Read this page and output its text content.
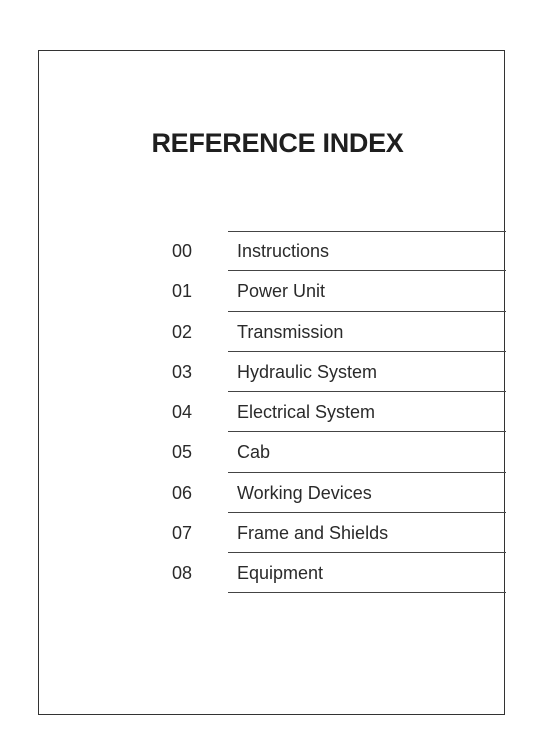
REFERENCE INDEX
00 Instructions
01 Power Unit
02 Transmission
03 Hydraulic System
04 Electrical System
05 Cab
06 Working Devices
07 Frame and Shields
08 Equipment
